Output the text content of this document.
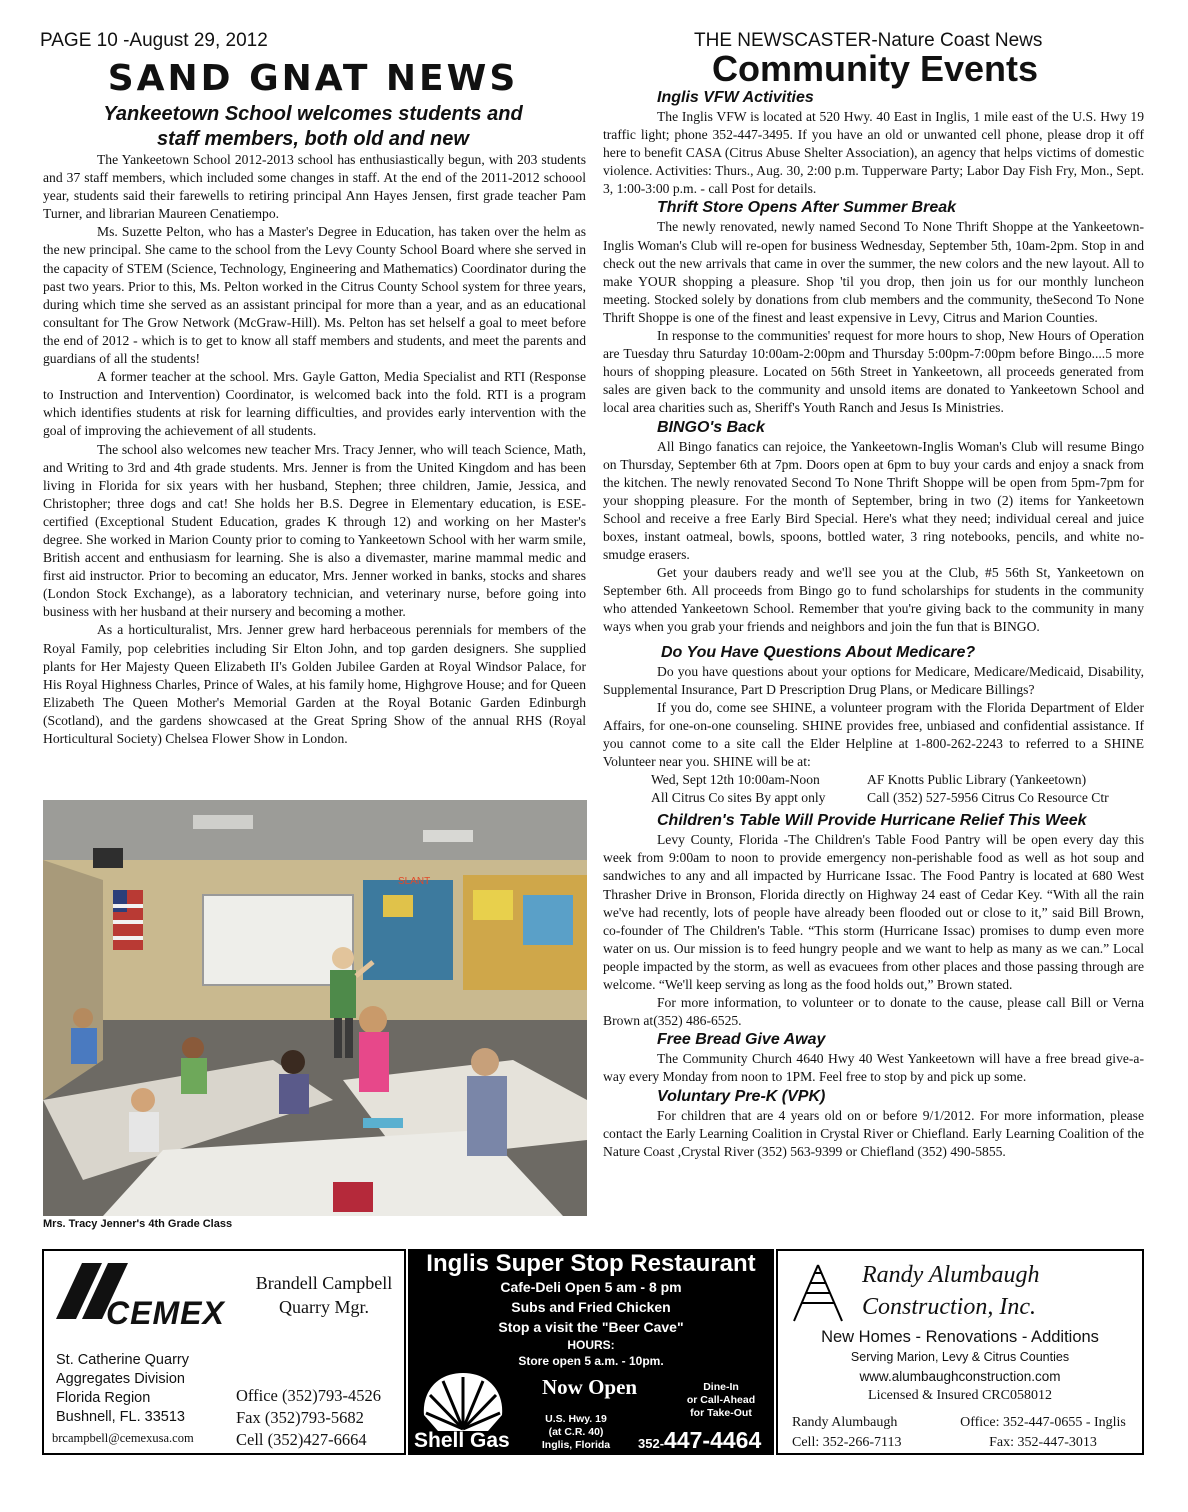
PAGE 10 -August 29, 2012	THE NEWSCASTER-Nature Coast News
SAND GNAT NEWS	Community Events
Yankeetown School welcomes students and
staff members, both old and new

The Yankeetown School 2012-2013 school has enthusiastically begun, with 203 students and 37 staff members, which included some changes in staff. At the end of the 2011-2012 schoool year, students said their farewells to retiring principal Ann Hayes Jensen, first grade teacher Pam Turner, and librarian Maureen Cenatiempo.

Ms. Suzette Pelton, who has a Master's Degree in Education, has taken over the helm as the new principal. She came to the school from the Levy County School Board where she served in the capacity of STEM (Science, Technology, Engineering and Mathematics) Coordinator during the past two years. Prior to this, Ms. Pelton worked in the Citrus County School system for three years, during which time she served as an assistant principal for more than a year, and as an educational consultant for The Grow Network (McGraw-Hill). Ms. Pelton has set helself a goal to meet before the end of 2012 - which is to get to know all staff members and students, and meet the parents and guardians of all the students!

A former teacher at the school. Mrs. Gayle Gatton, Media Specialist and RTI (Response to Instruction and Intervention) Coordinator, is welcomed back into the fold. RTI is a program which identifies students at risk for learning difficulties, and provides early intervention with the goal of improving the achievement of all students.

The school also welcomes new teacher Mrs. Tracy Jenner, who will teach Science, Math, and Writing to 3rd and 4th grade students. Mrs. Jenner is from the United Kingdom and has been living in Florida for six years with her husband, Stephen; three children, Jamie, Jessica, and Christopher; three dogs and cat! She holds her B.S. Degree in Elementary education, is ESE-certified (Exceptional Student Education, grades K through 12) and working on her Master's degree. She worked in Marion County prior to coming to Yankeetown School with her warm smile, British accent and enthusiasm for learning. She is also a divemaster, marine mammal medic and first aid instructor. Prior to becoming an educator, Mrs. Jenner worked in banks, stocks and shares (London Stock Exchange), as a laboratory technician, and veterinary nurse, before going into business with her husband at their nursery and becoming a mother.

As a horticulturalist, Mrs. Jenner grew hard herbaceous perennials for members of the Royal Family, pop celebrities including Sir Elton John, and top garden designers. She supplied plants for Her Majesty Queen Elizabeth II's Golden Jubilee Garden at Royal Windsor Palace, for His Royal Highness Charles, Prince of Wales, at his family home, Highgrove House; and for Queen Elizabeth The Queen Mother's Memorial Garden at the Royal Botanic Garden Edinburgh (Scotland), and the gardens showcased at the Great Spring Show of the annual RHS (Royal Horticultural Society) Chelsea Flower Show in London.

SLANT
Mrs. Tracy Jenner's 4th Grade Class

Inglis VFW Activities

The Inglis VFW is located at 520 Hwy. 40 East in Inglis, 1 mile east of the U.S. Hwy 19 traffic light; phone 352-447-3495. If you have an old or unwanted cell phone, please drop it off here to benefit CASA (Citrus Abuse Shelter Association), an agency that helps victims of domestic violence. Activities: Thurs., Aug. 30, 2:00 p.m. Tupperware Party; Labor Day Fish Fry, Mon., Sept. 3, 1:00-3:00 p.m. - call Post for details.

Thrift Store Opens After Summer Break

The newly renovated, newly named Second To None Thrift Shoppe at the Yankeetown-Inglis Woman's Club will re-open for business Wednesday, September 5th, 10am-2pm. Stop in and check out the new arrivals that came in over the summer, the new colors and the new layout. All to make YOUR shopping a pleasure. Shop 'til you drop, then join us for our monthly luncheon meeting. Stocked solely by donations from club members and the community, theSecond To None Thrift Shoppe is one of the finest and least expensive in Levy, Citrus and Marion Counties.

In response to the communities' request for more hours to shop, New Hours of Operation are Tuesday thru Saturday 10:00am-2:00pm and Thursday 5:00pm-7:00pm before Bingo....5 more hours of shopping pleasure. Located on 56th Street in Yankeetown, all proceeds generated from sales are given back to the community and unsold items are donated to Yankeetown School and local area charities such as, Sheriff's Youth Ranch and Jesus Is Ministries.

BINGO's Back

All Bingo fanatics can rejoice, the Yankeetown-Inglis Woman's Club will resume Bingo on Thursday, September 6th at 7pm. Doors open at 6pm to buy your cards and enjoy a snack from the kitchen. The newly renovated Second To None Thrift Shoppe will be open from 5pm-7pm for your shopping pleasure. For the month of September, bring in two (2) items for Yankeetown School and receive a free Early Bird Special. Here's what they need; individual cereal and juice boxes, instant oatmeal, bowls, spoons, bottled water, 3 ring notebooks, pencils, and white no-smudge erasers.

Get your daubers ready and we'll see you at the Club, #5 56th St, Yankeetown on September 6th. All proceeds from Bingo go to fund scholarships for students in the community who attended Yankeetown School. Remember that you're giving back to the community in many ways when you grab your friends and neighbors and join the fun that is BINGO.

Do You Have Questions About Medicare?

Do you have questions about your options for Medicare, Medicare/Medicaid, Disability, Supplemental Insurance, Part D Prescription Drug Plans, or Medicare Billings?

If you do, come see SHINE, a volunteer program with the Florida Department of Elder Affairs, for one-on-one counseling. SHINE provides free, unbiased and confidential assistance. If you cannot come to a site call the Elder Helpline at 1-800-262-2243 to referred to a SHINE Volunteer near you. SHINE will be at:

Wed, Sept 12th 10:00am-Noon	AF Knotts Public Library (Yankeetown)
All Citrus Co sites By appt only	Call (352) 527-5956 Citrus Co Resource Ctr

Children's Table Will Provide Hurricane Relief This Week

Levy County, Florida -The Children's Table Food Pantry will be open every day this week from 9:00am to noon to provide emergency non-perishable food as well as hot soup and sandwiches to any and all impacted by Hurricane Issac. The Food Pantry is located at 680 West Thrasher Drive in Bronson, Florida directly on Highway 24 east of Cedar Key. “With all the rain we've had recently, lots of people have already been flooded out or close to it,” said Bill Brown, co-founder of The Children's Table. “This storm (Hurricane Issac) promises to dump even more water on us. Our mission is to feed hungry people and we want to help as many as we can.” Local people impacted by the storm, as well as evacuees from other places and those passing through are welcome. “We'll keep serving as long as the food holds out,” Brown stated.

For more information, to volunteer or to donate to the cause, please call Bill or Verna Brown at(352) 486-6525.

Free Bread Give Away

The Community Church 4640 Hwy 40 West Yankeetown will have a free bread give-a-way every Monday from noon to 1PM. Feel free to stop by and pick up some.

Voluntary Pre-K (VPK)

For children that are 4 years old on or before 9/1/2012. For more information, please contact the Early Learning Coalition in Crystal River or Chiefland. Early Learning Coalition of the Nature Coast ,Crystal River (352) 563-9399 or Chiefland (352) 490-5855.

CEMEX
Brandell Campbell
Quarry Mgr.
St. Catherine Quarry
Aggregates Division
Florida Region
Bushnell, FL. 33513
brcampbell@cemexusa.com
Office (352)793-4526
Fax (352)793-5682
Cell (352)427-6664
Inglis Super Stop Restaurant
Cafe-Deli Open 5 am - 8 pm
Subs and Fried Chicken
Stop a visit the "Beer Cave"
HOURS:
Store open 5 a.m. - 10pm.
Shell Gas
Now Open	Dine-In
or Call-Ahead
for Take-Out
U.S. Hwy. 19
(at C.R. 40)
Inglis, Florida	352-447-4464
Randy Alumbaugh
Construction, Inc.
New Homes - Renovations - Additions
Serving Marion, Levy & Citrus Counties
www.alumbaughconstruction.com
Licensed & Insured CRC058012
Randy Alumbaugh
Cell: 352-266-7113
Office: 352-447-0655 - Inglis
Fax: 352-447-3013
